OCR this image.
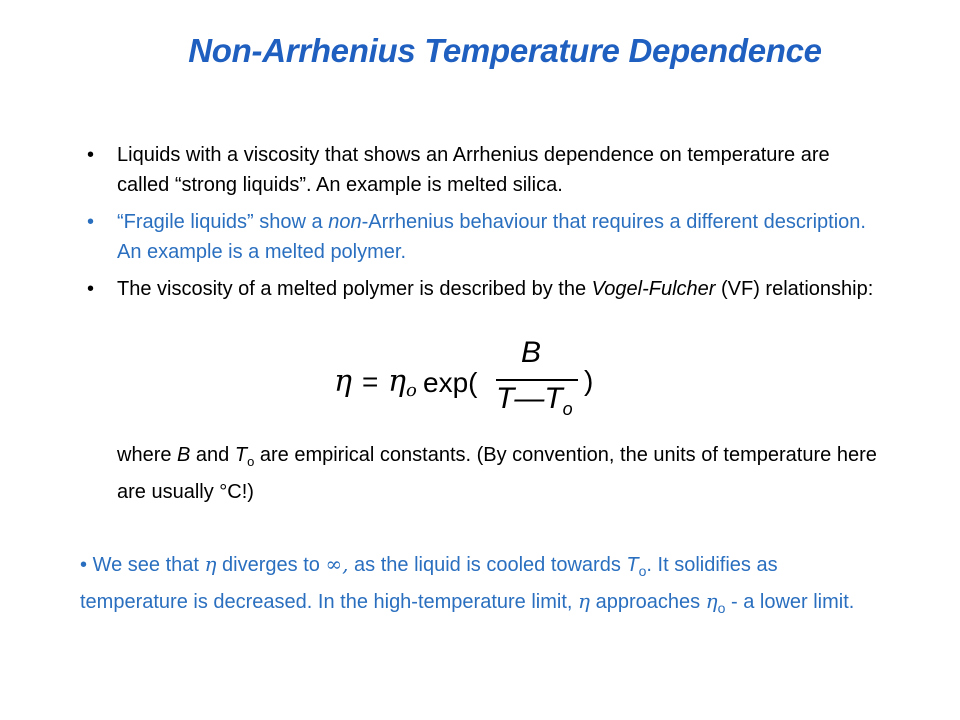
Non-Arrhenius Temperature Dependence
• Liquids with a viscosity that shows an Arrhenius dependence on temperature are called “strong liquids”. An example is melted silica.
• “Fragile liquids” show a non-Arrhenius behaviour that requires a different description. An example is a melted polymer.
• The viscosity of a melted polymer is described by the Vogel-Fulcher (VF) relationship:
η = η o exp(
B
$T—T_o$
)
where B and $T_o$ are empirical constants. (By convention, the units of temperature here are usually °C!)
• We see that η diverges to ∞, as the liquid is cooled towards $T_o$. It solidifies as temperature is decreased. In the high-temperature limit, η approaches $\eta_o$ - a lower limit.
